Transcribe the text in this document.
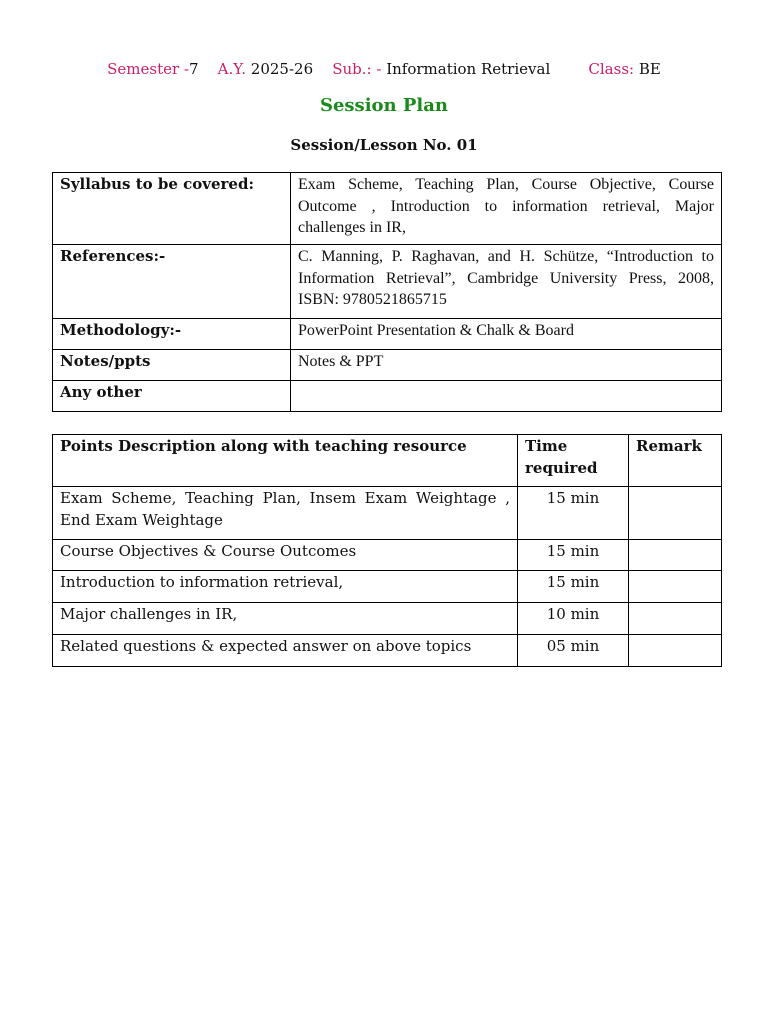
Semester -7 A.Y. 2025-26 Sub.: - Information Retrieval	Class: BE
Session Plan
Session/Lesson No. 01
Syllabus to be covered:	Exam Scheme, Teaching Plan, Course Objective, Course Outcome , Introduction to information retrieval, Major challenges in IR,
References:-	C. Manning, P. Raghavan, and H. Schütze, “Introduction to Information Retrieval”, Cambridge University Press, 2008, ISBN: 9780521865715
Methodology:-	PowerPoint Presentation & Chalk & Board
Notes/ppts	Notes & PPT
Any other	
Points Description along with teaching resource	Time required	Remark
Exam Scheme, Teaching Plan, Insem Exam Weightage , End Exam Weightage	15 min	
Course Objectives & Course Outcomes	15 min	
Introduction to information retrieval,	15 min	
Major challenges in IR,	10 min	
Related questions & expected answer on above topics	05 min	
